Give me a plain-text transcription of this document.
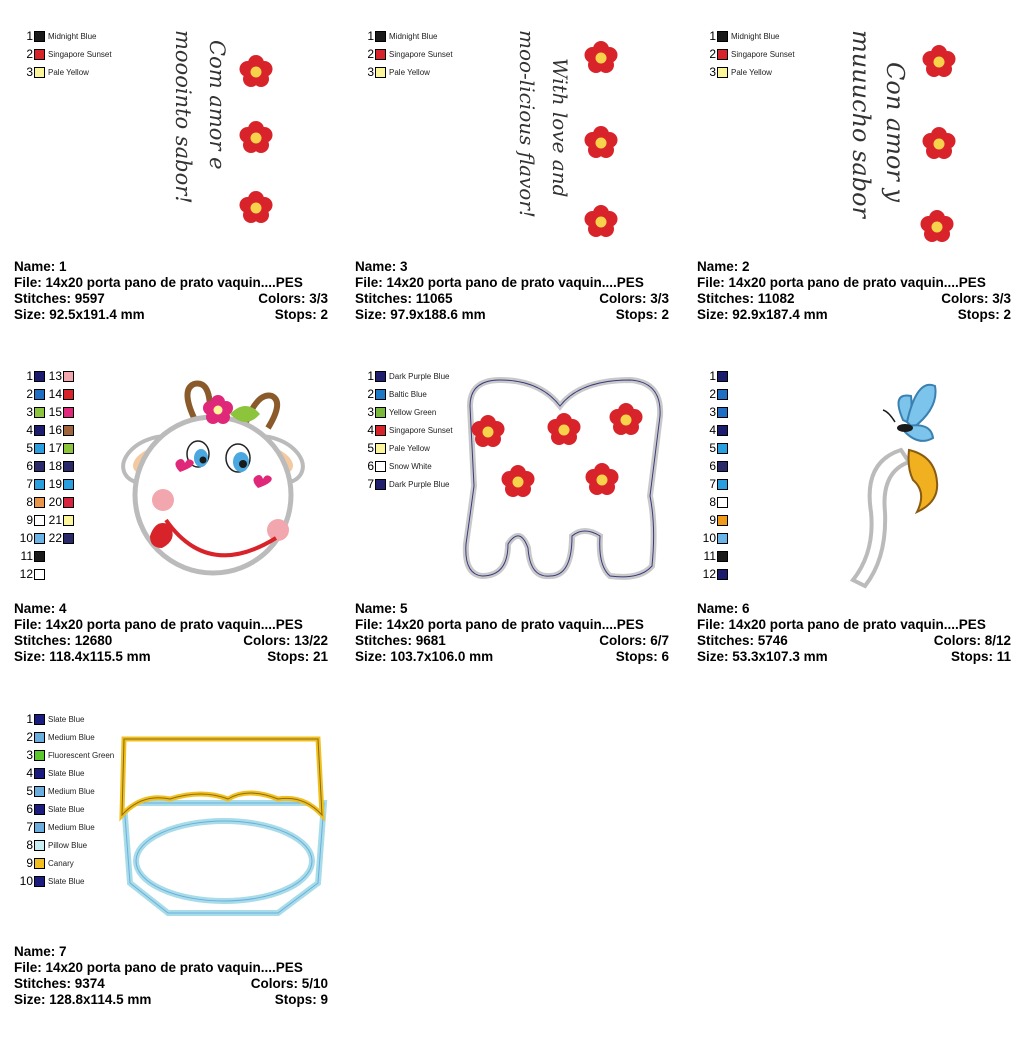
1 Midnight Blue
2 Singapore Sunset
3 Pale Yellow	Com amor e
mooointo sabor!
Name: 1
File: 14x20 porta pano de prato vaquin....PES
Stitches: 9597	Colors: 3/3
Size: 92.5x191.4 mm	Stops: 2
1 Midnight Blue
2 Singapore Sunset
3 Pale Yellow	With love and
moo-licious flavor!
Name: 3
File: 14x20 porta pano de prato vaquin....PES
Stitches: 11065	Colors: 3/3
Size: 97.9x188.6 mm	Stops: 2
1 Midnight Blue
2 Singapore Sunset
3 Pale Yellow	Con amor y
muuucho sabor
Name: 2
File: 14x20 porta pano de prato vaquin....PES
Stitches: 11082	Colors: 3/3
Size: 92.9x187.4 mm	Stops: 2
1 13
2 14
3 15
4 16
5 17
6 18
7 19
8 20
9 21
10 22
11
12
Name: 4
File: 14x20 porta pano de prato vaquin....PES
Stitches: 12680	Colors: 13/22
Size: 118.4x115.5 mm	Stops: 21
1 Dark Purple Blue
2 Baltic Blue
3 Yellow Green
4 Singapore Sunset
5 Pale Yellow
6 Snow White
7 Dark Purple Blue
Name: 5
File: 14x20 porta pano de prato vaquin....PES
Stitches: 9681	Colors: 6/7
Size: 103.7x106.0 mm	Stops: 6
1
2
3
4
5
6
7
8
9
10
11
12
Name: 6
File: 14x20 porta pano de prato vaquin....PES
Stitches: 5746	Colors: 8/12
Size: 53.3x107.3 mm	Stops: 11
1 Slate Blue
2 Medium Blue
3 Fluorescent Green
4 Slate Blue
5 Medium Blue
6 Slate Blue
7 Medium Blue
8 Pillow Blue
9 Canary
10 Slate Blue
Name: 7
File: 14x20 porta pano de prato vaquin....PES
Stitches: 9374	Colors: 5/10
Size: 128.8x114.5 mm	Stops: 9
